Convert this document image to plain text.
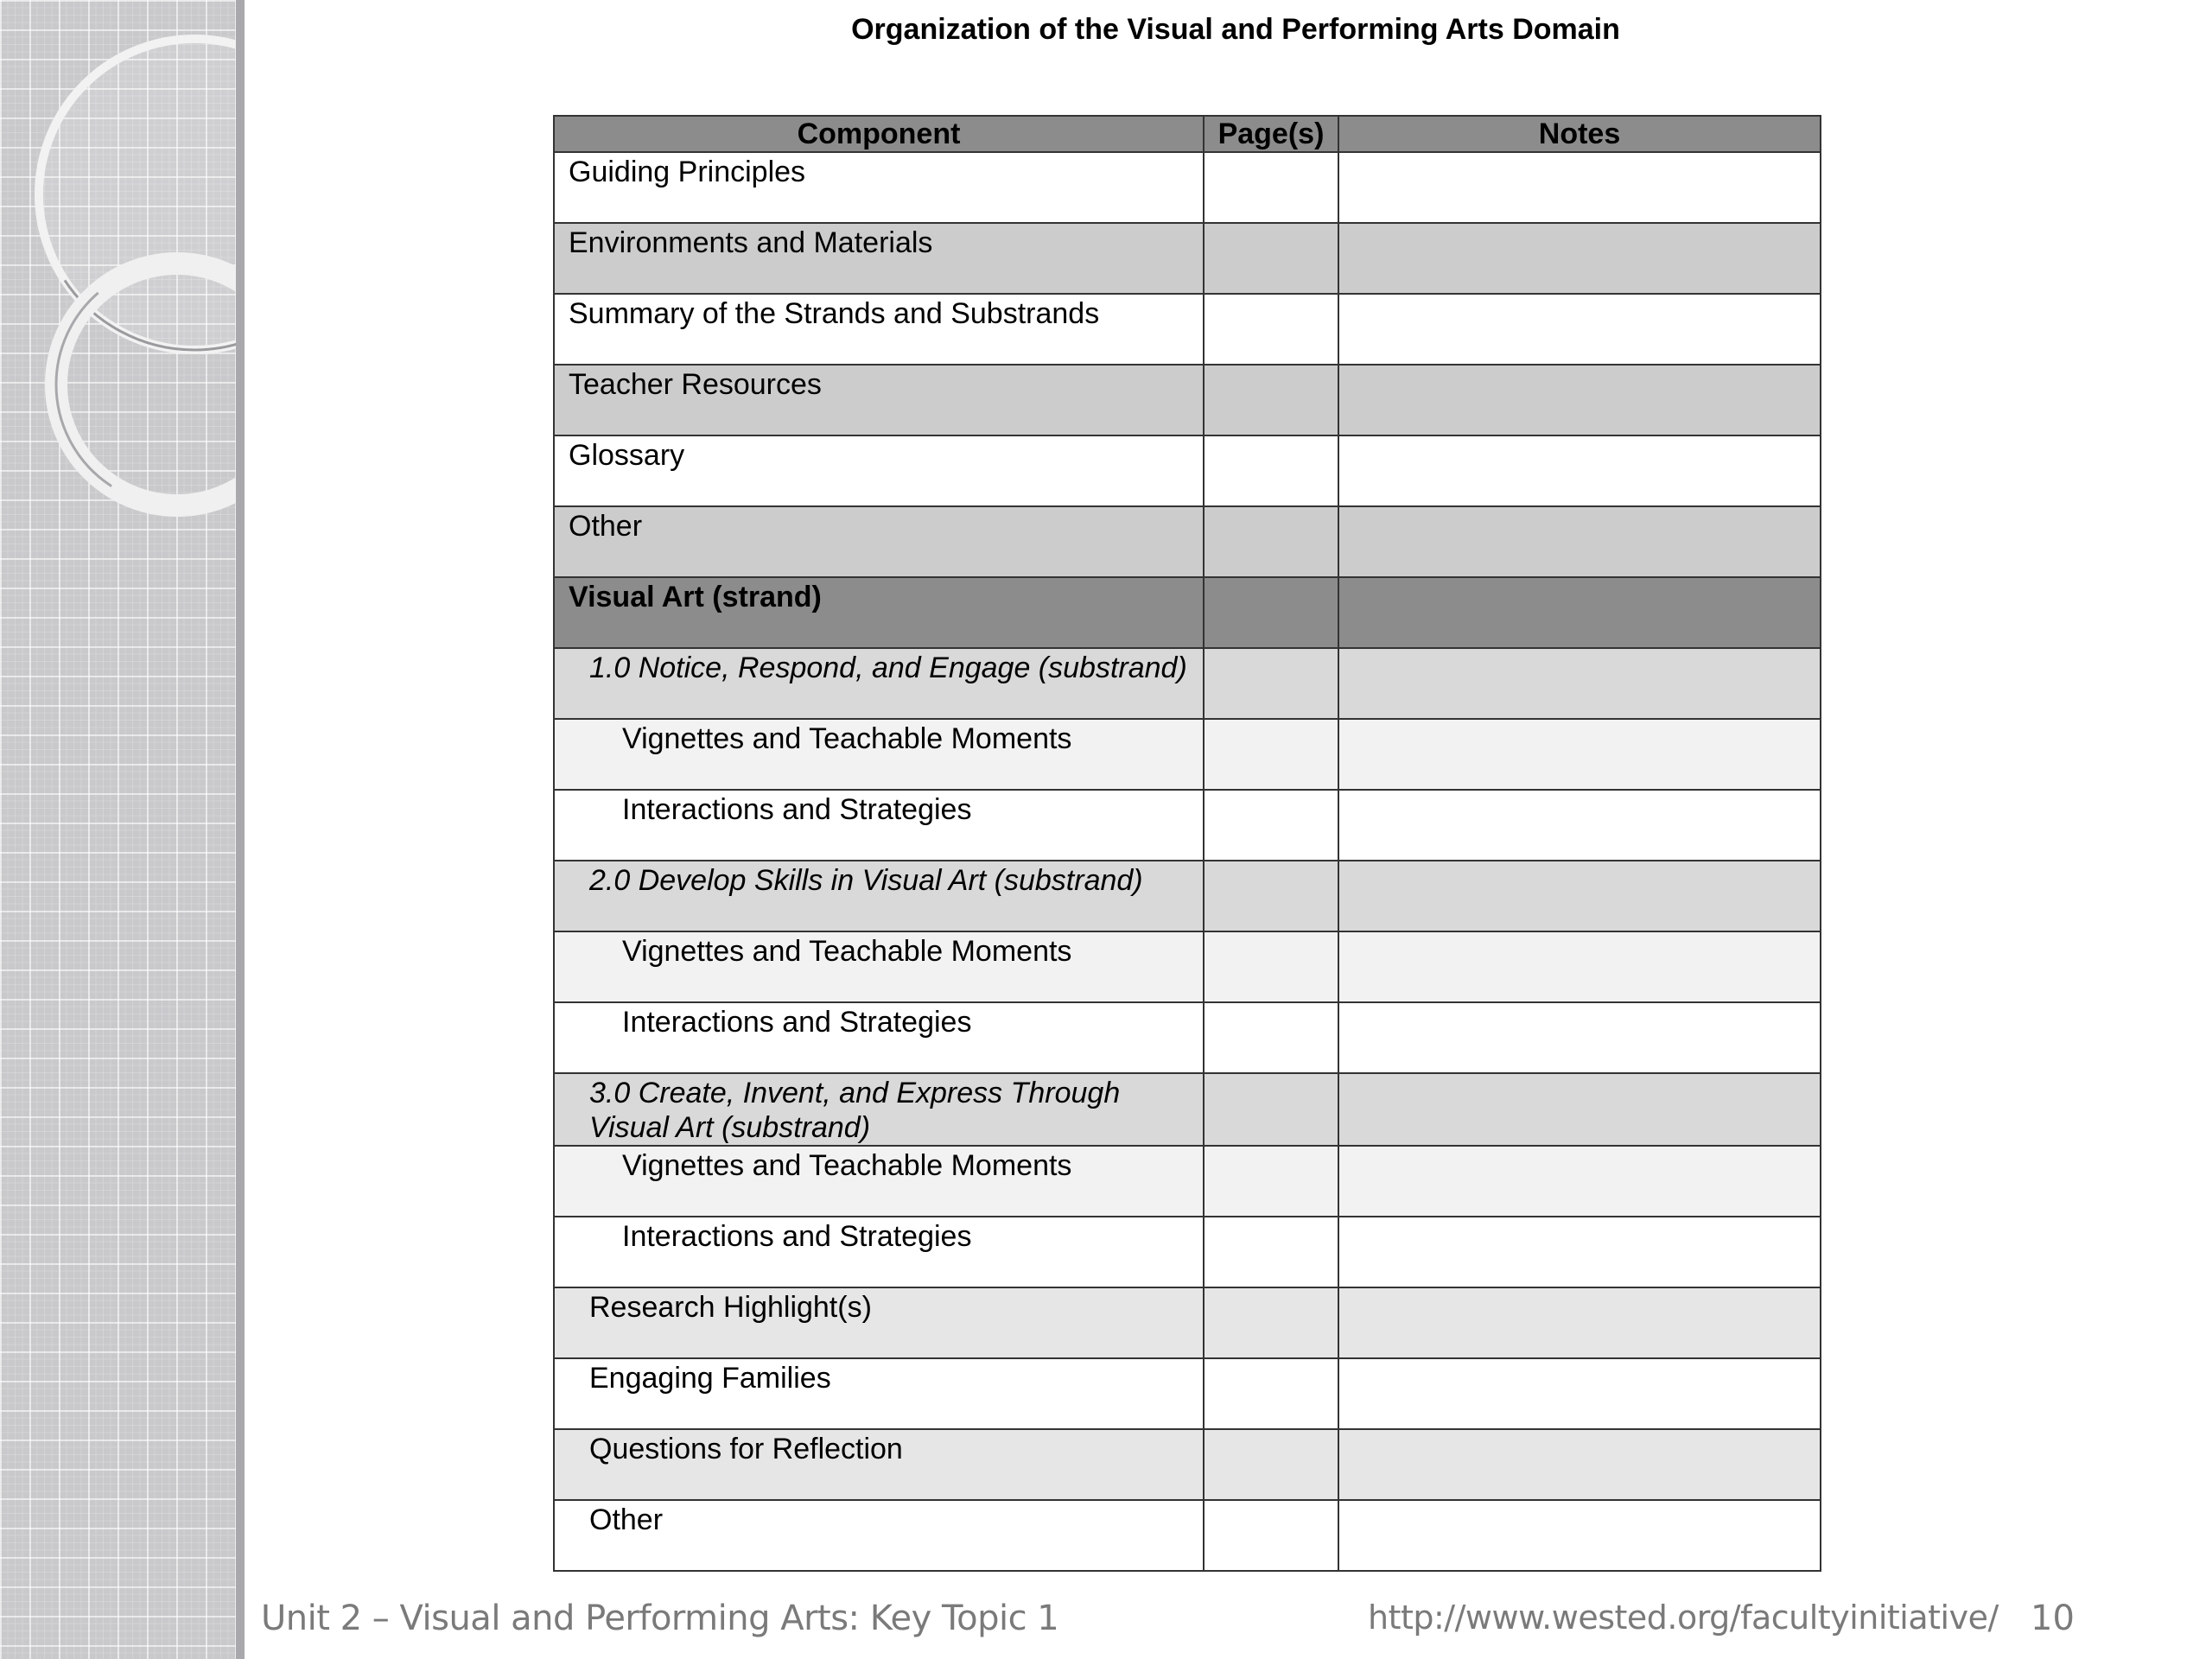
Organization of the Visual and Performing Arts Domain
Component	Page(s)	Notes

Guiding Principles		

Environments and Materials		

Summary of the Strands and Substrands		

Teacher Resources		

Glossary		

Other		

Visual Art (strand)		

1.0 Notice, Respond, and Engage (substrand)		

Vignettes and Teachable Moments		

Interactions and Strategies		

2.0 Develop Skills in Visual Art (substrand)		

Vignettes and Teachable Moments		

Interactions and Strategies		

3.0 Create, Invent, and Express Through Visual Art (substrand)		

Vignettes and Teachable Moments		

Interactions and Strategies		

Research Highlight(s)		

Engaging Families		

Questions for Reflection		

Other		

Unit 2 – Visual and Performing Arts: Key Topic 1	http://www.wested.org/facultyinitiative/ 10
